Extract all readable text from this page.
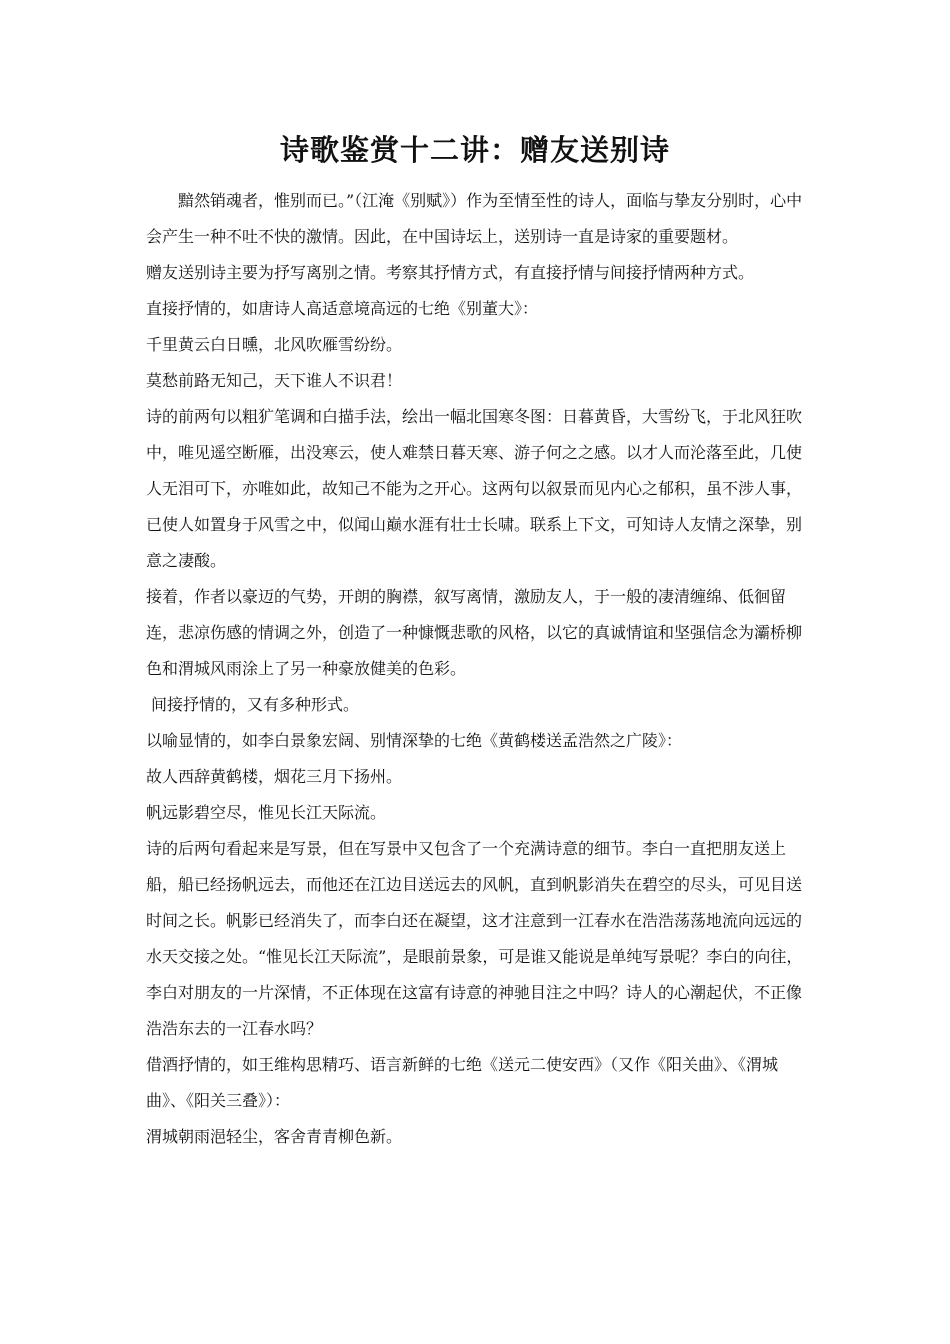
诗歌鉴赏十二讲：赠友送别诗

黯然销魂者，惟别而已。”（江淹《别赋》）作为至情至性的诗人，面临与挚友分别时，心中会产生一种不吐不快的激情。因此，在中国诗坛上，送别诗一直是诗家的重要题材。

赠友送别诗主要为抒写离别之情。考察其抒情方式，有直接抒情与间接抒情两种方式。

直接抒情的，如唐诗人高适意境高远的七绝《别董大》：

千里黄云白日曛，北风吹雁雪纷纷。

莫愁前路无知己，天下谁人不识君！

诗的前两句以粗犷笔调和白描手法，绘出一幅北国寒冬图：日暮黄昏，大雪纷飞，于北风狂吹中，唯见遥空断雁，出没寒云，使人难禁日暮天寒、游子何之之感。以才人而沦落至此，几使人无泪可下，亦唯如此，故知己不能为之开心。这两句以叙景而见内心之郁积，虽不涉人事，已使人如置身于风雪之中，似闻山巅水涯有壮士长啸。联系上下文，可知诗人友情之深挚，别意之凄酸。

接着，作者以豪迈的气势，开朗的胸襟，叙写离情，激励友人，于一般的凄清缠绵、低徊留连，悲凉伤感的情调之外，创造了一种慷慨悲歌的风格，以它的真诚情谊和坚强信念为灞桥柳色和渭城风雨涂上了另一种豪放健美的色彩。

间接抒情的，又有多种形式。

以喻显情的，如李白景象宏阔、别情深挚的七绝《黄鹤楼送孟浩然之广陵》：

故人西辞黄鹤楼，烟花三月下扬州。

帆远影碧空尽，惟见长江天际流。

诗的后两句看起来是写景，但在写景中又包含了一个充满诗意的细节。李白一直把朋友送上船，船已经扬帆远去，而他还在江边目送远去的风帆，直到帆影消失在碧空的尽头，可见目送时间之长。帆影已经消失了，而李白还在凝望，这才注意到一江春水在浩浩荡荡地流向远远的水天交接之处。“惟见长江天际流”，是眼前景象，可是谁又能说是单纯写景呢？李白的向往，李白对朋友的一片深情，不正体现在这富有诗意的神驰目注之中吗？诗人的心潮起伏，不正像浩浩东去的一江春水吗？

借酒抒情的，如王维构思精巧、语言新鲜的七绝《送元二使安西》（又作《阳关曲》、《渭城曲》、《阳关三叠》）：

渭城朝雨浥轻尘，客舍青青柳色新。
